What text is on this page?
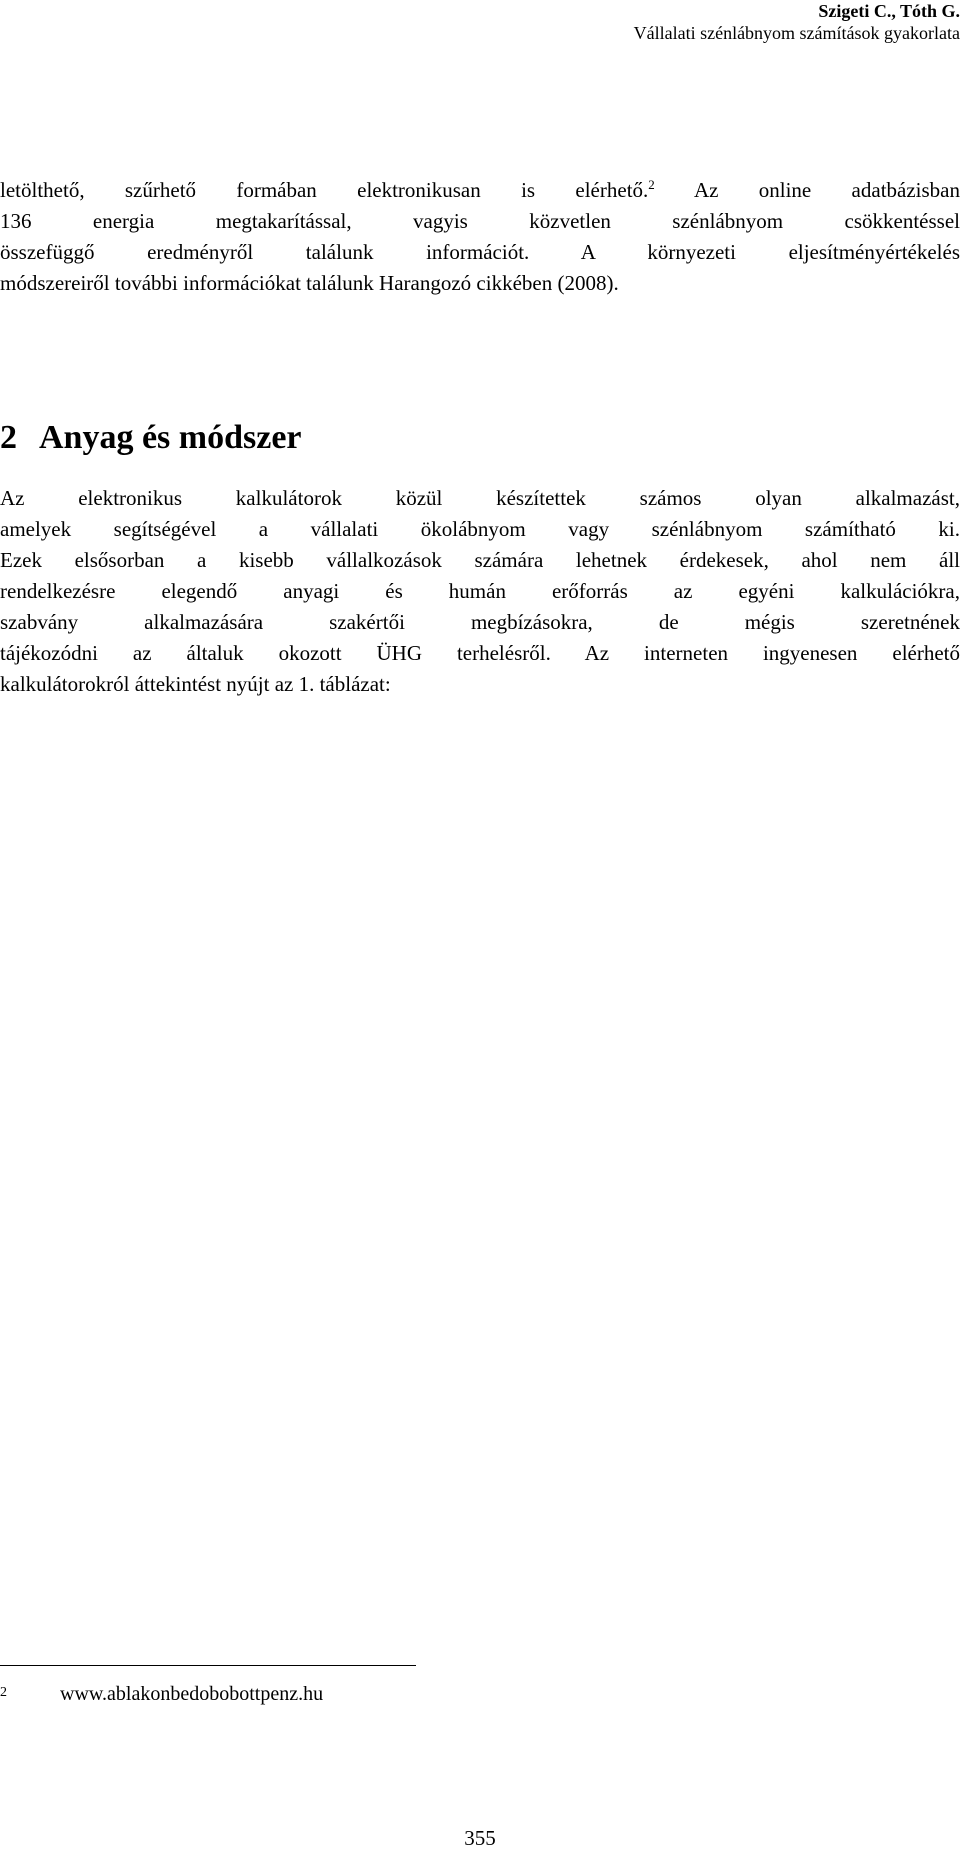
Szigeti C., Tóth G.
Vállalati szénlábnyom számítások gyakorlata

letölthető, szűrhető formában elektronikusan is elérhető.$^2$ Az online adatbázisban
136 energia megtakarítással, vagyis közvetlen szénlábnyom csökkentéssel
összefüggő eredményről találunk információt. A környezeti eljesítményértékelés
módszereiről további információkat találunk Harangozó cikkében (2008).

2 Anyag és módszer

Az elektronikus kalkulátorok közül készítettek számos olyan alkalmazást,
amelyek segítségével a vállalati ökolábnyom vagy szénlábnyom számítható ki.
Ezek elsősorban a kisebb vállalkozások számára lehetnek érdekesek, ahol nem áll
rendelkezésre elegendő anyagi és humán erőforrás az egyéni kalkulációkra,
szabvány alkalmazására szakértői megbízásokra, de mégis szeretnének
tájékozódni az általuk okozott ÜHG terhelésről. Az interneten ingyenesen elérhető
kalkulátorokról áttekintést nyújt az 1. táblázat:

2	www.ablakonbedobobottpenz.hu
355
